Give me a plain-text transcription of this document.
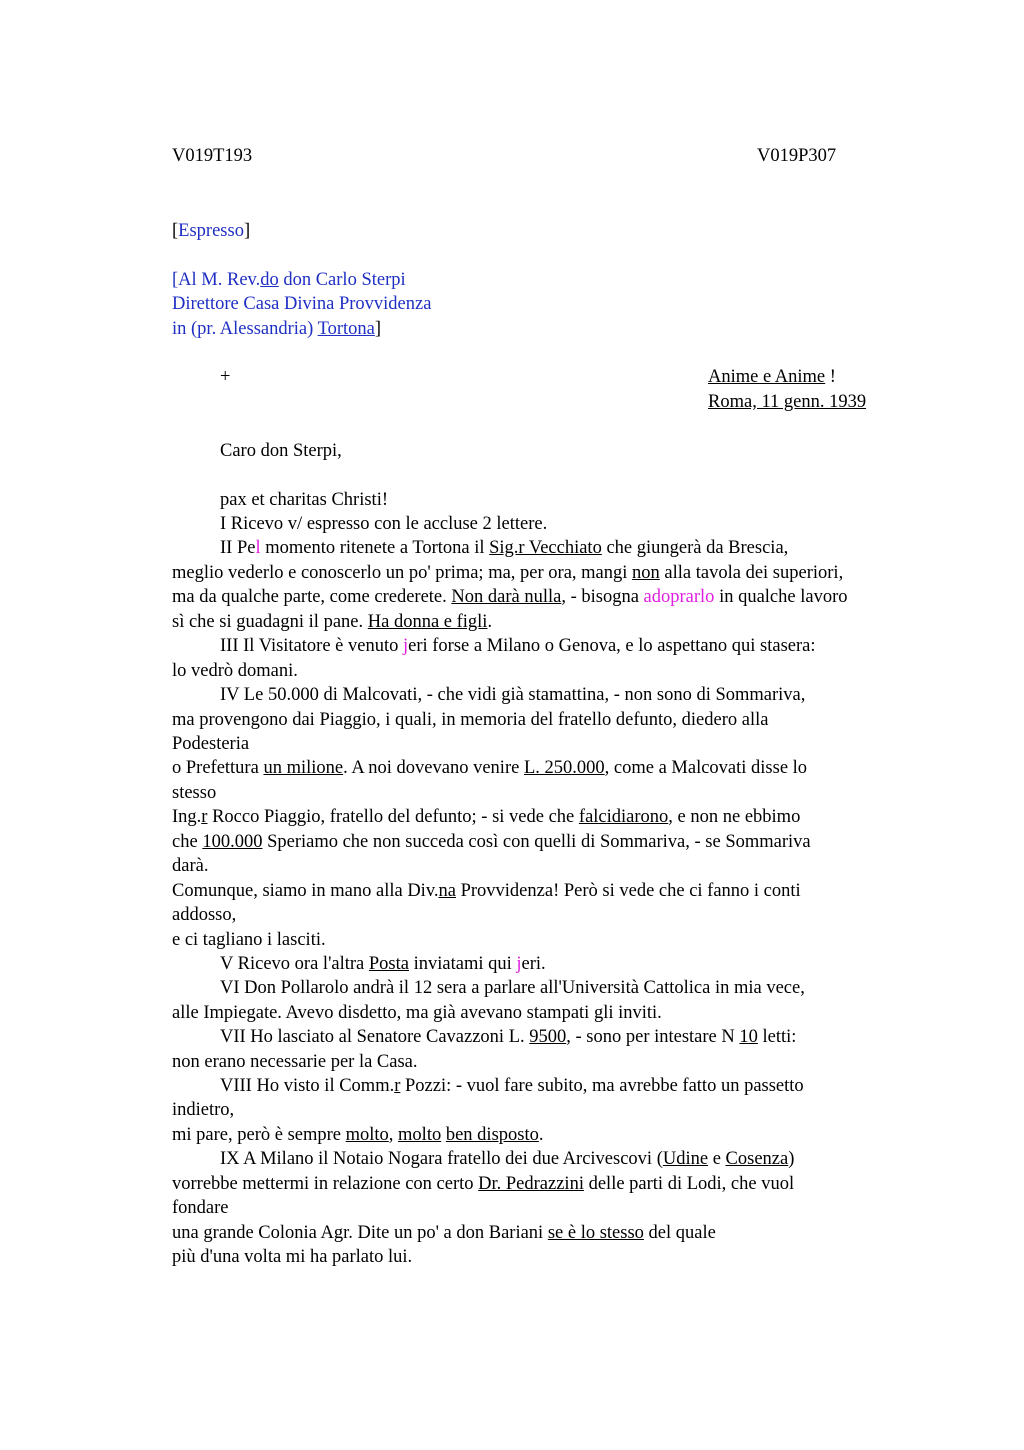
V019T193	V019P307
[Espresso]
[Al M. Rev.do don Carlo Sterpi
Direttore Casa Divina Provvidenza
in (pr. Alessandria) Tortona]
+	Anime e Anime !
Roma, 11 genn. 1939
Caro don Sterpi,
pax et charitas Christi!
I Ricevo v/ espresso con le accluse 2 lettere.
II Pel momento ritenete a Tortona il Sig.r Vecchiato che giungerà da Brescia,
meglio vederlo e conoscerlo un po' prima; ma, per ora, mangi non alla tavola dei superiori,
ma da qualche parte, come crederete. Non darà nulla, - bisogna adoprarlo in qualche lavoro
sì che si guadagni il pane. Ha donna e figli.
III Il Visitatore è venuto jeri forse a Milano o Genova, e lo aspettano qui stasera:
lo vedrò domani.
IV Le 50.000 di Malcovati, - che vidi già stamattina, - non sono di Sommariva,
ma provengono dai Piaggio, i quali, in memoria del fratello defunto, diedero alla
Podesteria
o Prefettura un milione. A noi dovevano venire L. 250.000, come a Malcovati disse lo
stesso
Ing.r Rocco Piaggio, fratello del defunto; - si vede che falcidiarono, e non ne ebbimo
che 100.000 Speriamo che non succeda così con quelli di Sommariva, - se Sommariva
darà.
Comunque, siamo in mano alla Div.na Provvidenza! Però si vede che ci fanno i conti
addosso,
e ci tagliano i lasciti.
V Ricevo ora l'altra Posta inviatami qui jeri.
VI Don Pollarolo andrà il 12 sera a parlare all'Università Cattolica in mia vece,
alle Impiegate. Avevo disdetto, ma già avevano stampati gli inviti.
VII Ho lasciato al Senatore Cavazzoni L. 9500, - sono per intestare N 10 letti:
non erano necessarie per la Casa.
VIII Ho visto il Comm.r Pozzi: - vuol fare subito, ma avrebbe fatto un passetto
indietro,
mi pare, però è sempre molto, molto ben disposto.
IX A Milano il Notaio Nogara fratello dei due Arcivescovi (Udine e Cosenza)
vorrebbe mettermi in relazione con certo Dr. Pedrazzini delle parti di Lodi, che vuol
fondare
una grande Colonia Agr. Dite un po' a don Bariani se è lo stesso del quale
più d'una volta mi ha parlato lui.
